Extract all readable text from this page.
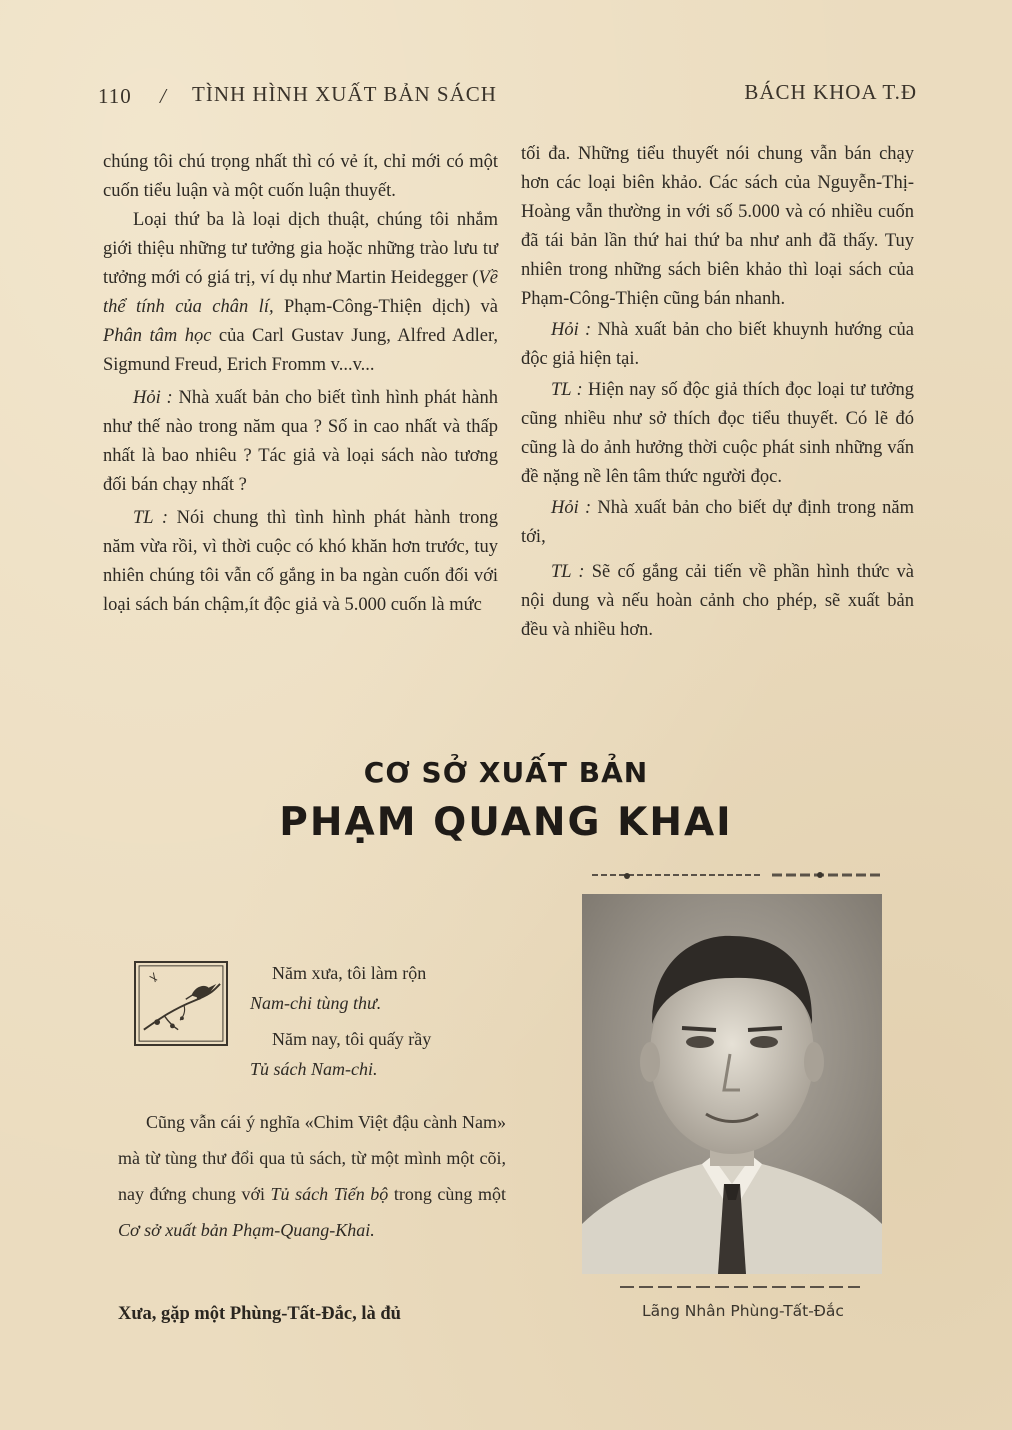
110 / TÌNH HÌNH XUẤT BẢN SÁCH	BÁCH KHOA T.Đ

chúng tôi chú trọng nhất thì có vẻ ít, chỉ mới có một cuốn tiểu luận và một cuốn luận thuyết.

Loại thứ ba là loại dịch thuật, chúng tôi nhắm giới thiệu những tư tưởng gia hoặc những trào lưu tư tưởng mới có giá trị, ví dụ như Martin Heidegger (Về thể tính của chân lí, Phạm-Công-Thiện dịch) và Phân tâm học của Carl Gustav Jung, Alfred Adler, Sigmund Freud, Erich Fromm v...v...

Hỏi : Nhà xuất bản cho biết tình hình phát hành như thế nào trong năm qua ? Số in cao nhất và thấp nhất là bao nhiêu ? Tác giả và loại sách nào tương đối bán chạy nhất ?

TL : Nói chung thì tình hình phát hành trong năm vừa rồi, vì thời cuộc có khó khăn hơn trước, tuy nhiên chúng tôi vẫn cố gắng in ba ngàn cuốn đối với loại sách bán chậm,ít độc giả và 5.000 cuốn là mức

tối đa. Những tiểu thuyết nói chung vẫn bán chạy hơn các loại biên khảo. Các sách của Nguyễn-Thị-Hoàng vẫn thường in với số 5.000 và có nhiều cuốn đã tái bản lần thứ hai thứ ba như anh đã thấy. Tuy nhiên trong những sách biên khảo thì loại sách của Phạm-Công-Thiện cũng bán nhanh.

Hỏi : Nhà xuất bản cho biết khuynh hướng của độc giả hiện tại.

TL : Hiện nay số độc giả thích đọc loại tư tưởng cũng nhiều như sở thích đọc tiểu thuyết. Có lẽ đó cũng là do ảnh hưởng thời cuộc phát sinh những vấn đề nặng nề lên tâm thức người đọc.

Hỏi : Nhà xuất bản cho biết dự định trong năm tới,

TL : Sẽ cố gắng cải tiến về phần hình thức và nội dung và nếu hoàn cảnh cho phép, sẽ xuất bản đều và nhiều hơn.

CƠ SỞ XUẤT BẢN
PHẠM QUANG KHAI

Năm xưa, tôi làm rộn

Nam-chi tùng thư.

Năm nay, tôi quấy rầy

Tủ sách Nam-chi.

Cũng vẫn cái ý nghĩa «Chim Việt đậu cành Nam» mà từ tùng thư đổi qua tủ sách, từ một mình một cõi, nay đứng chung với Tủ sách Tiến bộ trong cùng một Cơ sở xuất bản Phạm-Quang-Khai.

Xưa, gặp một Phùng-Tất-Đắc, là đủ	Lãng Nhân Phùng-Tất-Đắc
